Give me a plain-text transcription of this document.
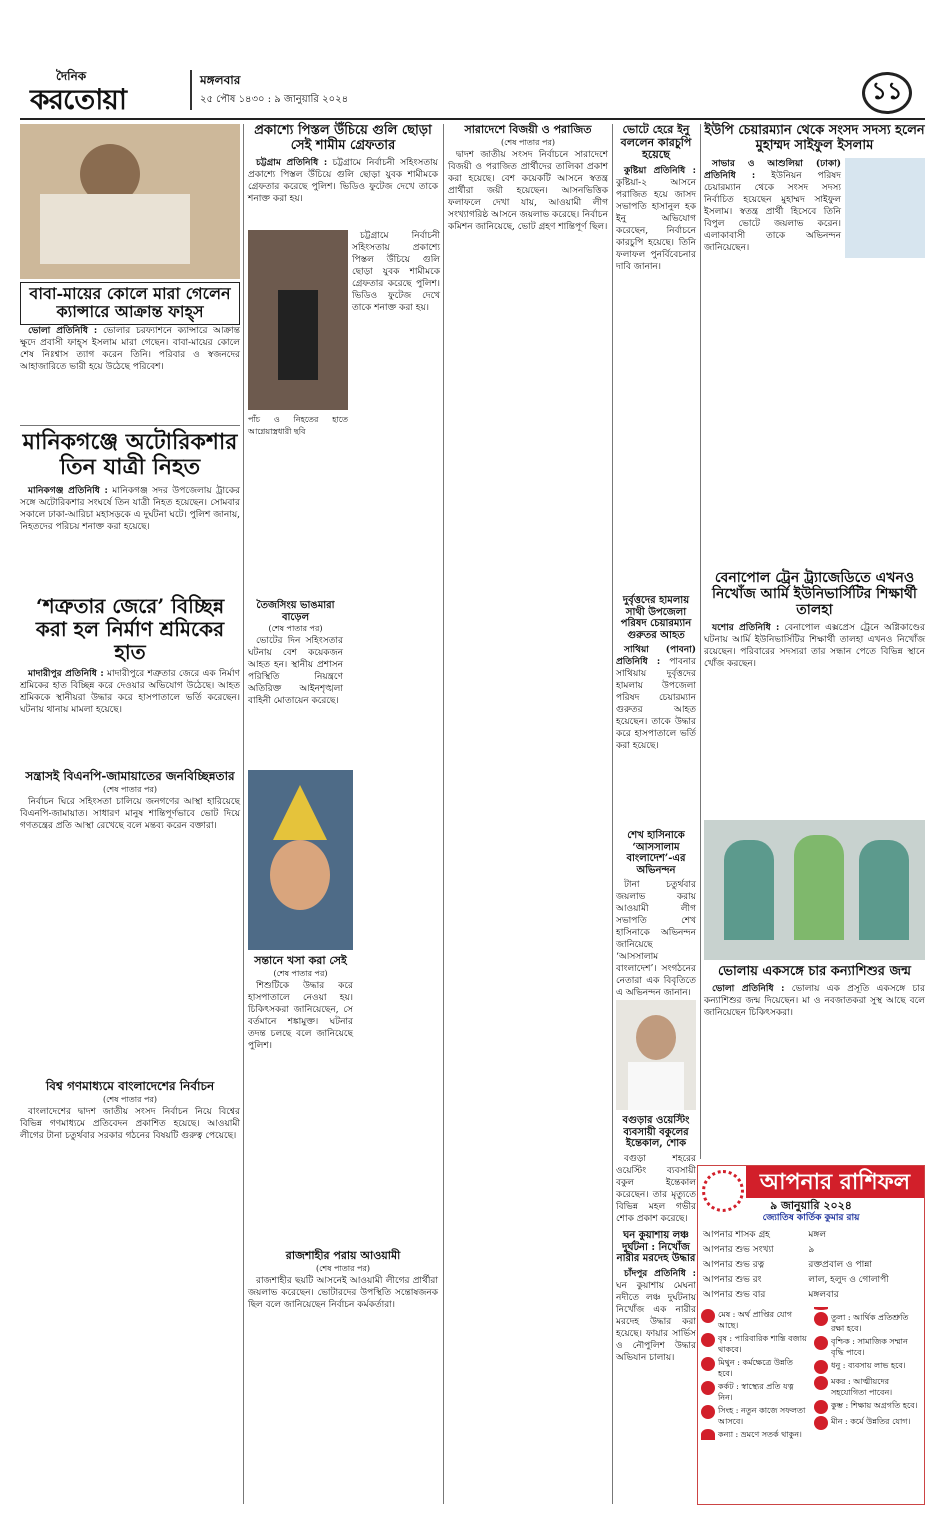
দৈনিক
করতোয়া
মঙ্গলবার
২৫ পৌষ ১৪৩০ : ৯ জানুয়ারি ২০২৪	১১
বাবা-মায়ের কোলে মারা গেলেন ক্যান্সারে আক্রান্ত ফাহ্‌স

ভোলা প্রতিনিধি : ভোলার চরফ্যাশনে ক্যান্সারে আক্রান্ত ক্ষুদে প্রবাসী ফাহ্‌স ইসলাম মারা গেছেন। বাবা-মায়ের কোলে শেষ নিঃশ্বাস ত্যাগ করেন তিনি। পরিবার ও স্বজনদের আহাজারিতে ভারী হয়ে উঠেছে পরিবেশ।

মানিকগঞ্জে অটোরিকশার তিন যাত্রী নিহত

মানিকগঞ্জ প্রতিনিধি : মানিকগঞ্জ সদর উপজেলায় ট্রাকের সঙ্গে অটোরিকশার সংঘর্ষে তিন যাত্রী নিহত হয়েছেন। সোমবার সকালে ঢাকা-আরিচা মহাসড়কে এ দুর্ঘটনা ঘটে। পুলিশ জানায়, নিহতদের পরিচয় শনাক্ত করা হয়েছে।

‘শত্রুতার জেরে’ বিচ্ছিন্ন করা হল নির্মাণ শ্রমিকের হাত

মাদারীপুর প্রতিনিধি : মাদারীপুরে শত্রুতার জেরে এক নির্মাণ শ্রমিকের হাত বিচ্ছিন্ন করে দেওয়ার অভিযোগ উঠেছে। আহত শ্রমিককে স্থানীয়রা উদ্ধার করে হাসপাতালে ভর্তি করেছেন। ঘটনায় থানায় মামলা হয়েছে।

সন্ত্রাসই বিএনপি-জামায়াতের জনবিচ্ছিন্নতার
(শেষ পাতার পর)

নির্বাচন ঘিরে সহিংসতা চালিয়ে জনগণের আস্থা হারিয়েছে বিএনপি-জামায়াত। সাধারণ মানুষ শান্তিপূর্ণভাবে ভোট দিয়ে গণতন্ত্রের প্রতি আস্থা রেখেছে বলে মন্তব্য করেন বক্তারা।

বিশ্ব গণমাধ্যমে বাংলাদেশের নির্বাচন
(শেষ পাতার পর)

বাংলাদেশের দ্বাদশ জাতীয় সংসদ নির্বাচন নিয়ে বিশ্বের বিভিন্ন গণমাধ্যমে প্রতিবেদন প্রকাশিত হয়েছে। আওয়ামী লীগের টানা চতুর্থবার সরকার গঠনের বিষয়টি গুরুত্ব পেয়েছে।

প্রকাশ্যে পিস্তল উঁচিয়ে গুলি ছোড়া সেই শামীম গ্রেফতার

চট্টগ্রাম প্রতিনিধি : চট্টগ্রামে নির্বাচনী সহিংসতায় প্রকাশ্যে পিস্তল উঁচিয়ে গুলি ছোড়া যুবক শামীমকে গ্রেফতার করেছে পুলিশ। ভিডিও ফুটেজ দেখে তাকে শনাক্ত করা হয়।

পাঁচ ও নিহতের হাতে আগ্নেয়াস্ত্রধারী ছবি

চট্টগ্রামে নির্বাচনী সহিংসতায় প্রকাশ্যে পিস্তল উঁচিয়ে গুলি ছোড়া যুবক শামীমকে গ্রেফতার করেছে পুলিশ। ভিডিও ফুটেজ দেখে তাকে শনাক্ত করা হয়।

তৈজসিংয় ভাঙমারা বাড়েল
(শেষ পাতার পর)

ভোটের দিন সহিংসতার ঘটনায় বেশ কয়েকজন আহত হন। স্থানীয় প্রশাসন পরিস্থিতি নিয়ন্ত্রণে অতিরিক্ত আইনশৃঙ্খলা বাহিনী মোতায়েন করেছে।

সন্তানে খসা করা সেই
(শেষ পাতার পর)

শিশুটিকে উদ্ধার করে হাসপাতালে নেওয়া হয়। চিকিৎসকরা জানিয়েছেন, সে বর্তমানে শঙ্কামুক্ত। ঘটনার তদন্ত চলছে বলে জানিয়েছে পুলিশ।

রাজশাহীর পরায় আওয়ামী
(শেষ পাতার পর)

রাজশাহীর ছয়টি আসনেই আওয়ামী লীগের প্রার্থীরা জয়লাভ করেছেন। ভোটারদের উপস্থিতি সন্তোষজনক ছিল বলে জানিয়েছেন নির্বাচন কর্মকর্তারা।

সারাদেশে বিজয়ী ও পরাজিত
(শেষ পাতার পর)

দ্বাদশ জাতীয় সংসদ নির্বাচনে সারাদেশে বিজয়ী ও পরাজিত প্রার্থীদের তালিকা প্রকাশ করা হয়েছে। বেশ কয়েকটি আসনে স্বতন্ত্র প্রার্থীরা জয়ী হয়েছেন। আসনভিত্তিক ফলাফলে দেখা যায়, আওয়ামী লীগ সংখ্যাগরিষ্ঠ আসনে জয়লাভ করেছে। নির্বাচন কমিশন জানিয়েছে, ভোট গ্রহণ শান্তিপূর্ণ ছিল।

ভোটে হেরে ইনু বললেন কারচুপি হয়েছে

কুষ্টিয়া প্রতিনিধি : কুষ্টিয়া-২ আসনে পরাজিত হয়ে জাসদ সভাপতি হাসানুল হক ইনু অভিযোগ করেছেন, নির্বাচনে কারচুপি হয়েছে। তিনি ফলাফল পুনর্বিবেচনার দাবি জানান।

দুর্বৃত্তদের হামলায় সাথী উপজেলা পরিষদ চেয়ারম্যান গুরুতর আহত

সাথিয়া (পাবনা) প্রতিনিধি : পাবনার সাথিয়ায় দুর্বৃত্তদের হামলায় উপজেলা পরিষদ চেয়ারম্যান গুরুতর আহত হয়েছেন। তাকে উদ্ধার করে হাসপাতালে ভর্তি করা হয়েছে।

শেখ হাসিনাকে ‘আসসালাম বাংলাদেশ’-এর অভিনন্দন

টানা চতুর্থবার জয়লাভ করায় আওয়ামী লীগ সভাপতি শেখ হাসিনাকে অভিনন্দন জানিয়েছে ‘আসসালাম বাংলাদেশ’। সংগঠনের নেতারা এক বিবৃতিতে এ অভিনন্দন জানান।

বগুড়ার ওয়েস্টিং ব্যবসায়ী বকুলের ইন্তেকাল, শোক

বগুড়া শহরের ওয়েস্টিং ব্যবসায়ী বকুল ইন্তেকাল করেছেন। তার মৃত্যুতে বিভিন্ন মহল গভীর শোক প্রকাশ করেছে।

ঘন কুয়াশায় লঞ্চ দুর্ঘটনা : নিখোঁজ নারীর মরদেহ উদ্ধার

চাঁদপুর প্রতিনিধি : ঘন কুয়াশায় মেঘনা নদীতে লঞ্চ দুর্ঘটনায় নিখোঁজ এক নারীর মরদেহ উদ্ধার করা হয়েছে। ফায়ার সার্ভিস ও নৌপুলিশ উদ্ধার অভিযান চালায়।

ইউপি চেয়ারম্যান থেকে সংসদ সদস্য হলেন মুহাম্মদ সাইফুল ইসলাম

সাভার ও আশুলিয়া (ঢাকা) প্রতিনিধি : ইউনিয়ন পরিষদ চেয়ারম্যান থেকে সংসদ সদস্য নির্বাচিত হয়েছেন মুহাম্মদ সাইফুল ইসলাম। স্বতন্ত্র প্রার্থী হিসেবে তিনি বিপুল ভোটে জয়লাভ করেন। এলাকাবাসী তাকে অভিনন্দন জানিয়েছেন।

বেনাপোল ট্রেন ট্র্যাজেডিতে এখনও নিখোঁজ আর্মি ইউনিভার্সিটির শিক্ষার্থী তালহা

যশোর প্রতিনিধি : বেনাপোল এক্সপ্রেস ট্রেনে অগ্নিকাণ্ডের ঘটনায় আর্মি ইউনিভার্সিটির শিক্ষার্থী তালহা এখনও নিখোঁজ রয়েছেন। পরিবারের সদস্যরা তার সন্ধান পেতে বিভিন্ন স্থানে খোঁজ করছেন।

ভোলায় একসঙ্গে চার কন্যাশিশুর জন্ম

ভোলা প্রতিনিধি : ভোলায় এক প্রসূতি একসঙ্গে চার কন্যাশিশুর জন্ম দিয়েছেন। মা ও নবজাতকরা সুস্থ আছে বলে জানিয়েছেন চিকিৎসকরা।

আপনার রাশিফল
৯ জানুয়ারি ২০২৪
জ্যোতিষ কার্তিক কুমার রায়
আপনার শাসক গ্রহ	মঙ্গল
আপনার শুভ সংখ্যা	৯
আপনার শুভ রত্ন	রক্তপ্রবাল ও পান্না
আপনার শুভ রং	লাল, হলুদ ও গোলাপী
আপনার শুভ বার	মঙ্গলবার
মেষ : অর্থ প্রাপ্তির যোগ আছে।
বৃষ : পারিবারিক শান্তি বজায় থাকবে।
মিথুন : কর্মক্ষেত্রে উন্নতি হবে।
কর্কট : স্বাস্থ্যের প্রতি যত্ন নিন।
সিংহ : নতুন কাজে সফলতা আসবে।
কন্যা : ভ্রমণে সতর্ক থাকুন।
তুলা : আর্থিক প্রতিশ্রুতি রক্ষা হবে।
বৃশ্চিক : সামাজিক সম্মান বৃদ্ধি পাবে।
ধনু : ব্যবসায় লাভ হবে।
মকর : আত্মীয়দের সহযোগিতা পাবেন।
কুম্ভ : শিক্ষায় অগ্রগতি হবে।
মীন : কর্মে উন্নতির যোগ।
